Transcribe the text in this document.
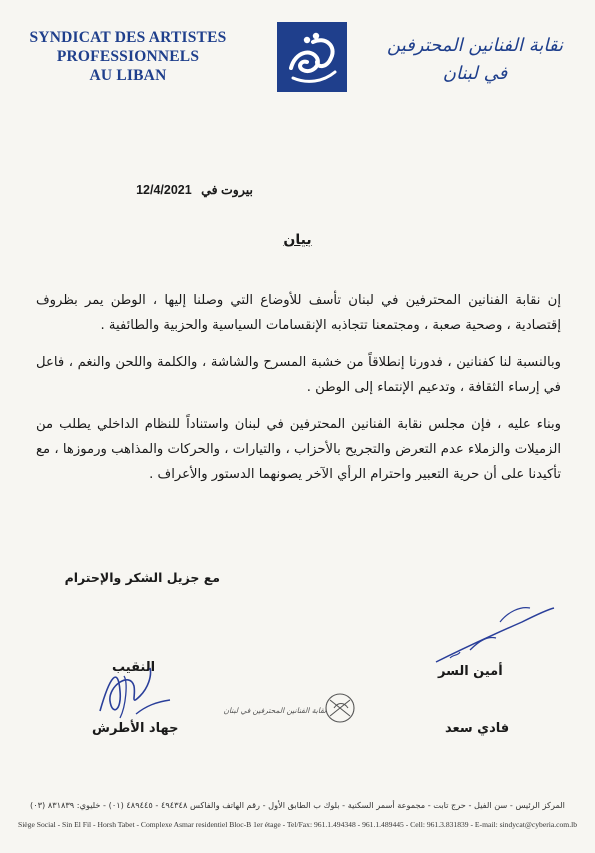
SYNDICAT DES ARTISTES
PROFESSIONNELS
AU LIBAN
نقابة الفنانين المحترفين
في لبنان
بيروت في 12/4/2021
بيان

إن نقابة الفنانين المحترفين في لبنان تأسف للأوضاع التي وصلنا إليها ، الوطن يمر بظروف إقتصادية ، وصحية صعبة ، ومجتمعنا تتجاذبه الإنقسامات السياسية والحزبية والطائفية .

وبالنسبة لنا كفنانين ، فدورنا إنطلاقاً من خشبة المسرح والشاشة ، والكلمة واللحن والنغم ، فاعل في إرساء الثقافة ، وتدعيم الإنتماء إلى الوطن .

وبناء عليه ، فإن مجلس نقابة الفنانين المحترفين في لبنان واستناداً للنظام الداخلي يطلب من الزميلات والزملاء عدم التعرض والتجريح بالأحزاب ، والتيارات ، والحركات والمذاهب ورموزها ، مع تأكيدنا على أن حرية التعبير واحترام الرأي الآخر يصونهما الدستور والأعراف .

مع جزيل الشكر والإحترام
النقيب
جهاد الأطرش
نقابة الفنانين المحترفين في لبنان
أمين السر
فادي سعد
المركز الرئيس - سن الفيل - حرج تابت - مجموعة أسمر السكنية - بلوك ب الطابق الأول - رقم الهاتف والفاكس ٤٩٤٣٤٨ - ٤٨٩٤٤٥ (٠١) - خليوي: ٨٣١٨٣٩ (٠٣)
Siège Social - Sin El Fil - Horsh Tabet - Complexe Asmar residentiel Bloc-B 1er étage - Tel/Fax: 961.1.494348 - 961.1.489445 - Cell: 961.3.831839 - E-mail: sindycat@cyberia.com.lb
